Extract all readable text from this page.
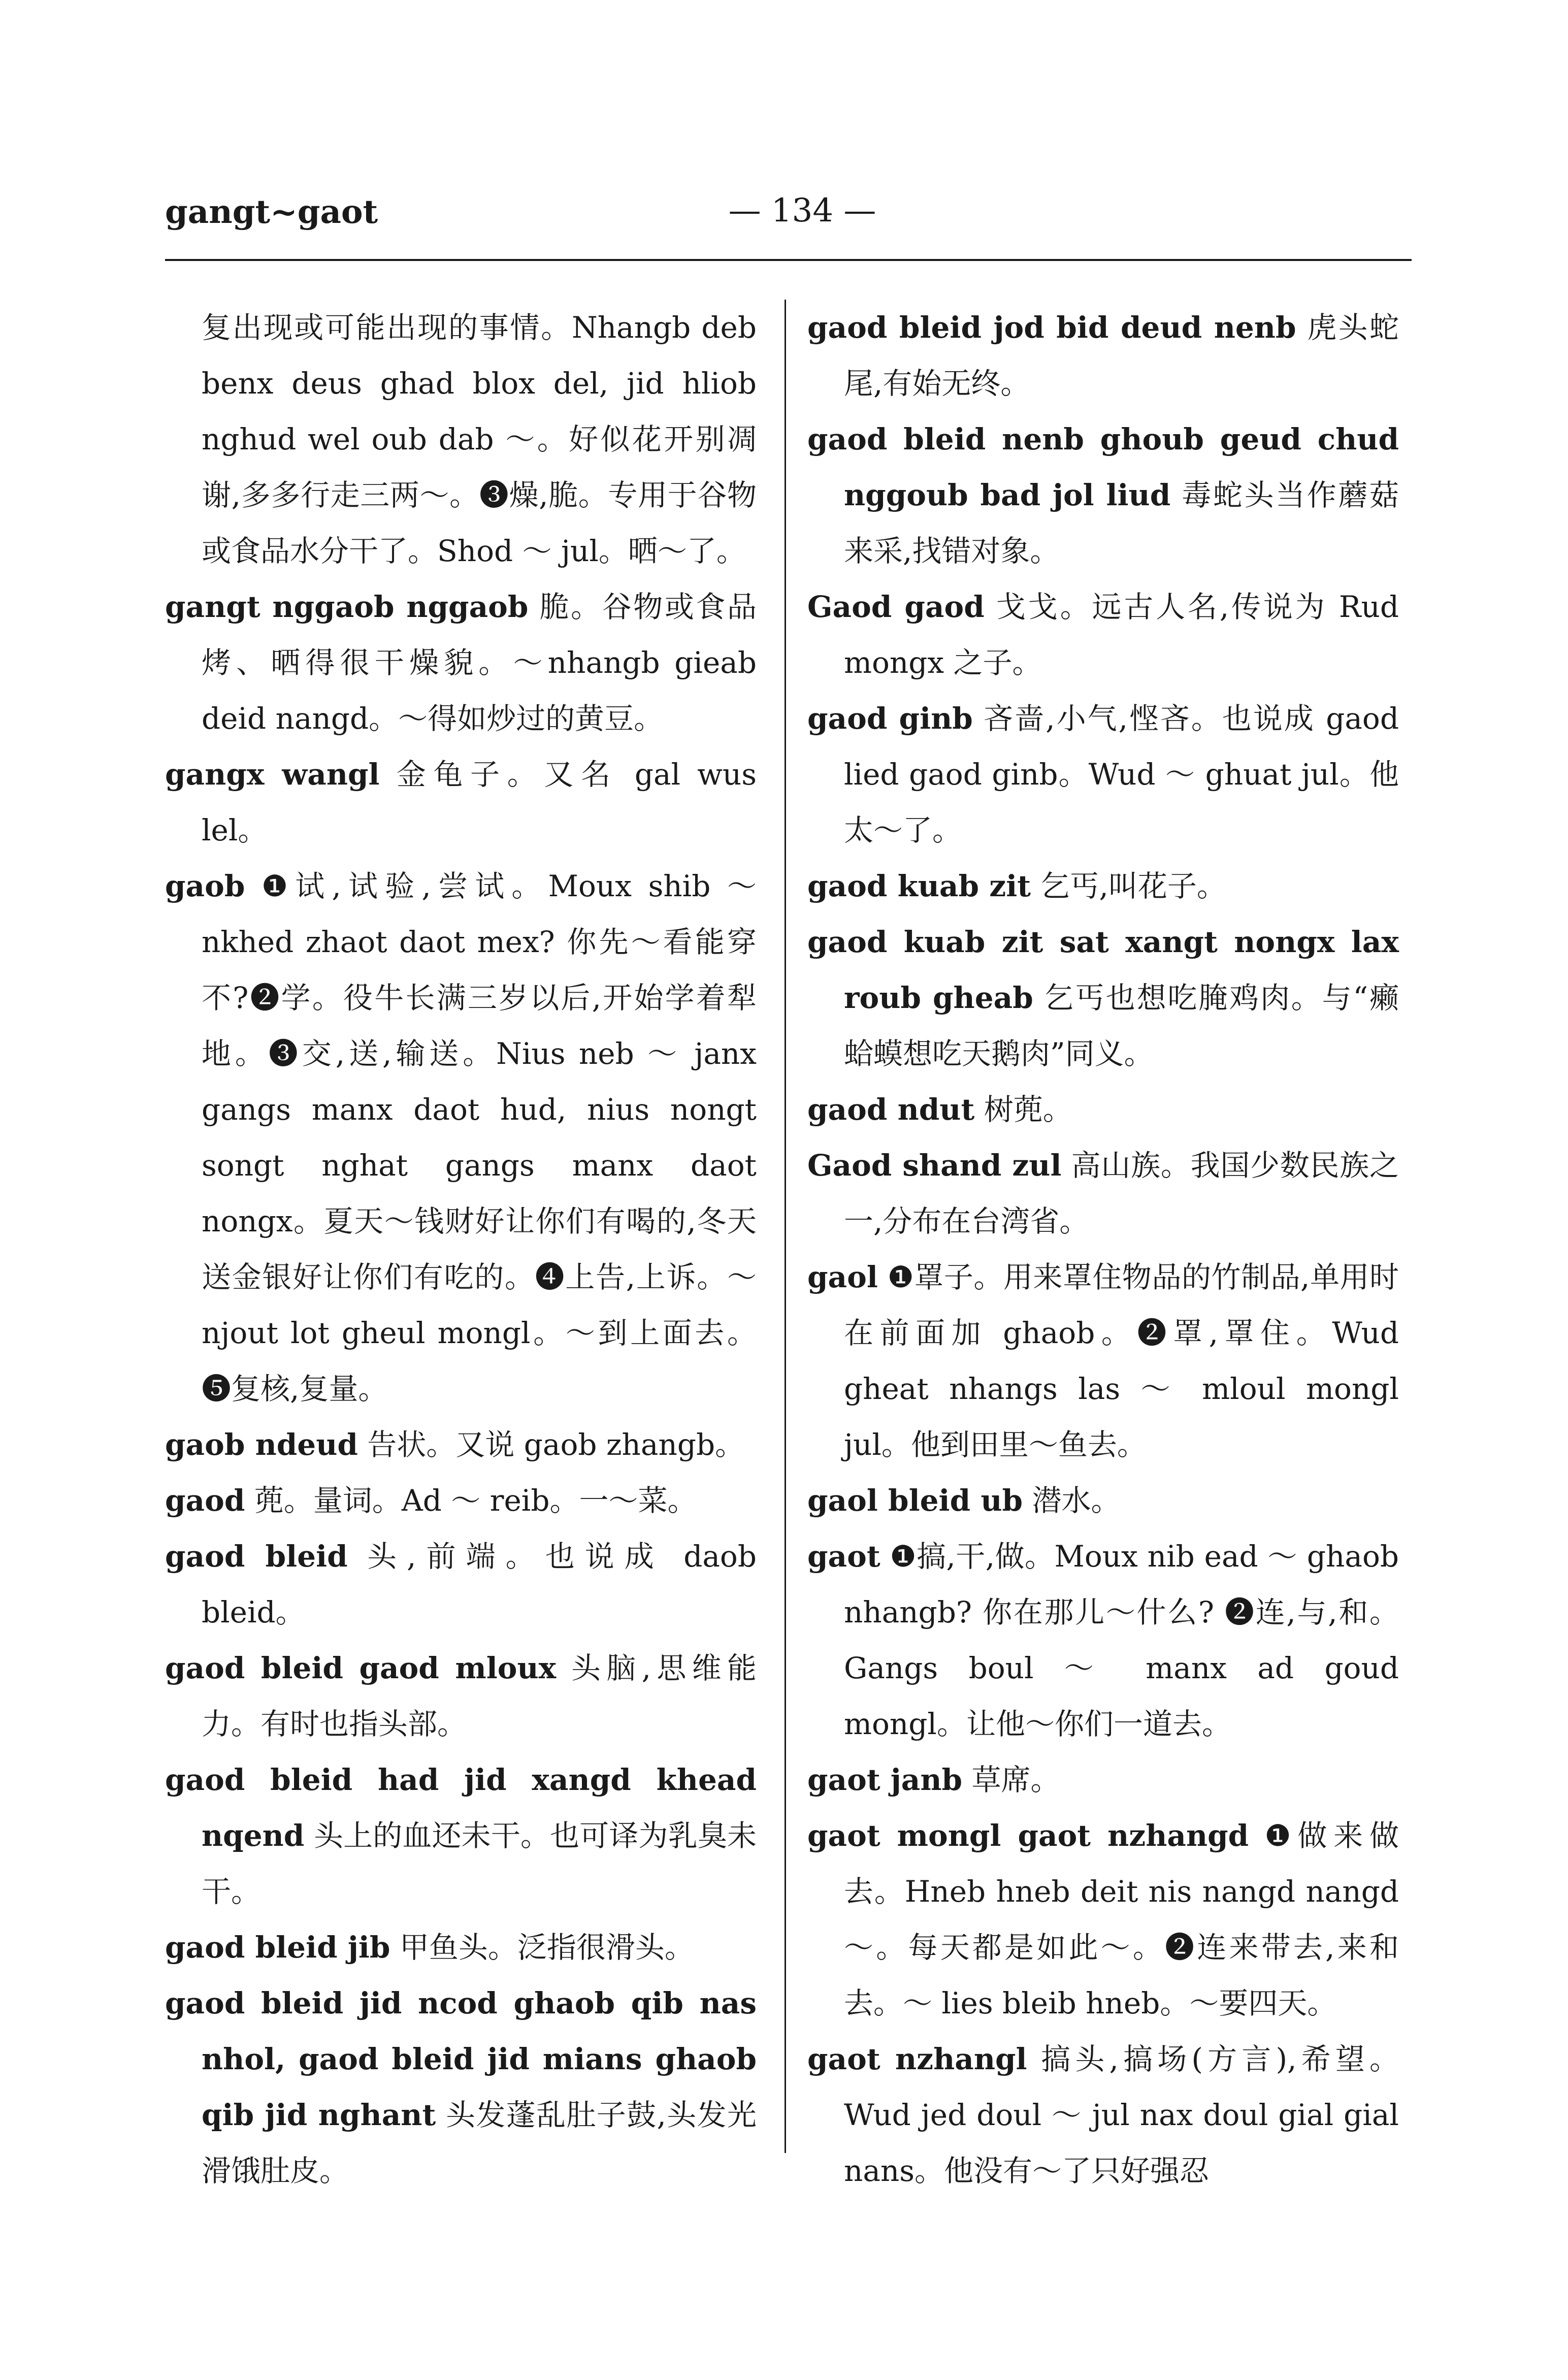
gangt~gaot	— 134 —

复出现或可能出现的事情。Nhangb deb benx deus ghad blox del, jid hliob nghud wel oub dab ～。好似花开别凋谢,多多行走三两～。❸燥,脆。专用于谷物或食品水分干了。Shod ～ jul。晒～了。

gangt nggaob nggaob 脆。谷物或食品烤、晒得很干燥貌。～nhangb gieab deid nangd。～得如炒过的黄豆。

gangx wangl 金龟子。又名 gal wus lel。

gaob ❶试,试验,尝试。Moux shib ～ nkhed zhaot daot mex? 你先～看能穿不?❷学。役牛长满三岁以后,开始学着犁地。❸交,送,输送。Nius neb ～ janx gangs manx daot hud, nius nongt songt nghat gangs manx daot nongx。夏天～钱财好让你们有喝的,冬天送金银好让你们有吃的。❹上告,上诉。～ njout lot gheul mongl。～到上面去。❺复核,复量。

gaob ndeud 告状。又说 gaob zhangb。

gaod 蔸。量词。Ad ～ reib。一～菜。

gaod bleid 头,前端。也说成 daob bleid。

gaod bleid gaod mloux 头脑,思维能力。有时也指头部。

gaod bleid had jid xangd khead nqend 头上的血还未干。也可译为乳臭未干。

gaod bleid jib 甲鱼头。泛指很滑头。

gaod bleid jid ncod ghaob qib nas nhol, gaod bleid jid mians ghaob qib jid nghant 头发蓬乱肚子鼓,头发光滑饿肚皮。

gaod bleid jod bid deud nenb 虎头蛇尾,有始无终。

gaod bleid nenb ghoub geud chud nggoub bad jol liud 毒蛇头当作蘑菇来采,找错对象。

Gaod gaod 戈戈。远古人名,传说为 Rud mongx 之子。

gaod ginb 吝啬,小气,悭吝。也说成 gaod lied gaod ginb。Wud ～ ghuat jul。他太～了。

gaod kuab zit 乞丐,叫花子。

gaod kuab zit sat xangt nongx lax roub gheab 乞丐也想吃腌鸡肉。与“癞蛤蟆想吃天鹅肉”同义。

gaod ndut 树蔸。

Gaod shand zul 高山族。我国少数民族之一,分布在台湾省。

gaol ❶罩子。用来罩住物品的竹制品,单用时在前面加 ghaob。❷罩,罩住。Wud gheat nhangs las ～ mloul mongl jul。他到田里～鱼去。

gaol bleid ub 潜水。

gaot ❶搞,干,做。Moux nib ead ～ ghaob nhangb? 你在那儿～什么? ❷连,与,和。Gangs boul ～ manx ad goud mongl。让他～你们一道去。

gaot janb 草席。

gaot mongl gaot nzhangd ❶做来做去。Hneb hneb deit nis nangd nangd ～。每天都是如此～。❷连来带去,来和去。～ lies bleib hneb。～要四天。

gaot nzhangl 搞头,搞场(方言),希望。Wud jed doul ～ jul nax doul gial gial nans。他没有～了只好强忍
